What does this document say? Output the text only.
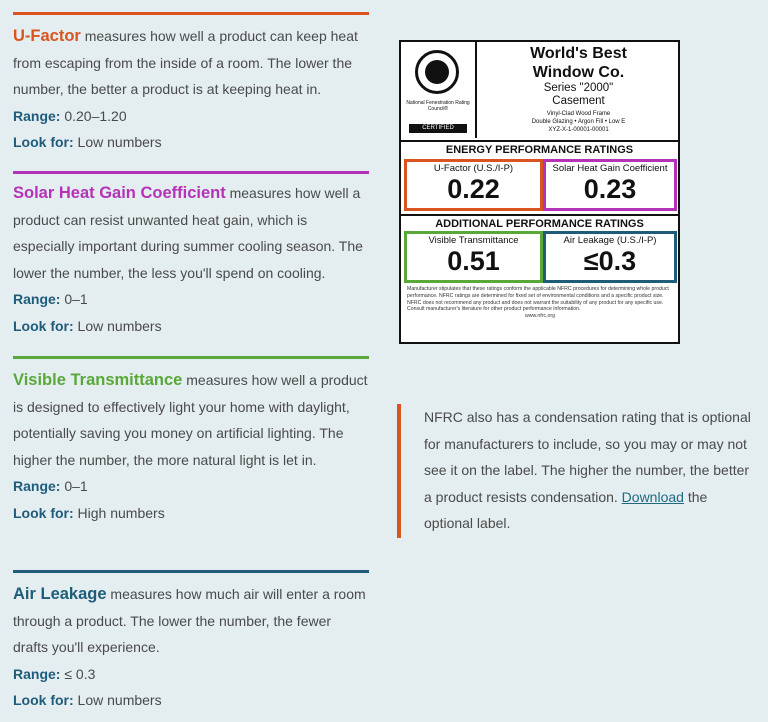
U-Factor measures how well a product can keep heat from escaping from the inside of a room. The lower the number, the better a product is at keeping heat in.

Range: 0.20–1.20

Look for: Low numbers

Solar Heat Gain Coefficient measures how well a product can resist unwanted heat gain, which is especially important during summer cooling season. The lower the number, the less you'll spend on cooling.

Range: 0–1

Look for: Low numbers

Visible Transmittance measures how well a product is designed to effectively light your home with daylight, potentially saving you money on artificial lighting. The higher the number, the more natural light is let in.

Range: 0–1

Look for: High numbers

Air Leakage measures how much air will enter a room through a product. The lower the number, the fewer drafts you'll experience.

Range: ≤ 0.3

Look for: Low numbers

National Fenestration Rating Council®
CERTIFIED
World's Best
Window Co.
Series "2000"
Casement
Vinyl-Clad Wood Frame
Double Glazing • Argon Fill • Low E
XYZ-X-1-00001-00001
ENERGY PERFORMANCE RATINGS
U-Factor (U.S./I-P)
0.22
Solar Heat Gain Coefficient
0.23
ADDITIONAL PERFORMANCE RATINGS
Visible Transmittance
0.51
Air Leakage (U.S./I-P)
≤0.3
Manufacturer stipulates that these ratings conform the applicable NFRC procedures for determining whole product performance. NFRC ratings are determined for fixed set of environmental conditions and a specific product size. NFRC does not recommend any product and does not warrant the suitability of any product for any specific use. Consult manufacturer's literature for other product performance information.
www.nfrc.org

NFRC also has a condensation rating that is optional for manufacturers to include, so you may or may not see it on the label. The higher the number, the better a product resists condensation. Download the optional label.
